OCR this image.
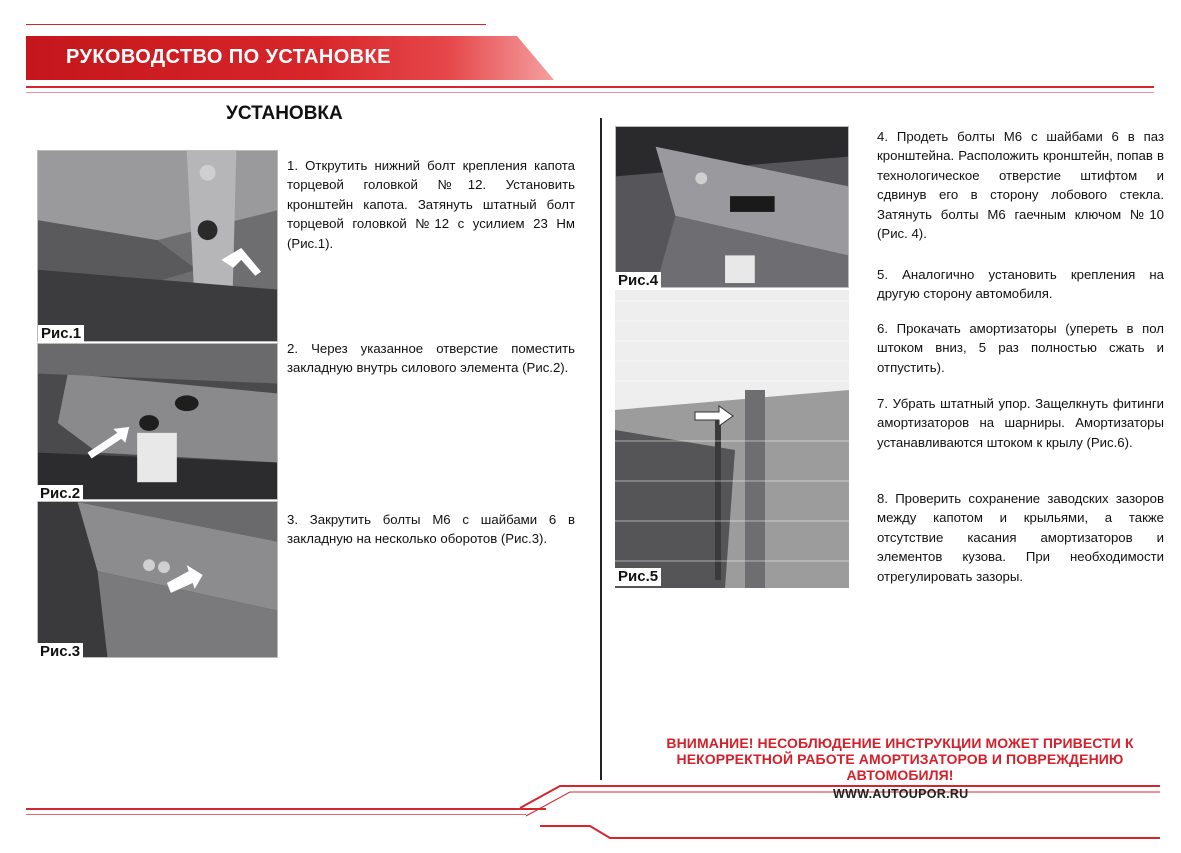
РУКОВОДСТВО ПО УСТАНОВКЕ
УСТАНОВКА
Рис.1
Рис.2
Рис.3
1. Открутить нижний болт крепления капота торцевой головкой №12. Установить кронштейн капота. Затянуть штатный болт торцевой головкой №12 с усилием 23 Нм (Рис.1).
2. Через указанное отверстие поместить закладную внутрь силового элемента (Рис.2).
3. Закрутить болты М6 с шайбами 6 в закладную на несколько оборотов (Рис.3).
Рис.4
Рис.5
4. Продеть болты М6 с шайбами 6 в паз кронштейна. Расположить кронштейн, попав в технологическое отверстие штифтом и сдвинув его в сторону лобового стекла. Затянуть болты М6 гаечным ключом №10 (Рис. 4).
5. Аналогично установить крепления на другую сторону автомобиля.
6. Прокачать амортизаторы (упереть в пол штоком вниз, 5 раз полностью сжать и отпустить).
7. Убрать штатный упор. Защелкнуть фитинги амортизаторов на шарниры. Амортизаторы устанавливаются штоком к крылу (Рис.6).
8. Проверить сохранение заводских зазоров между капотом и крыльями, а также отсутствие касания амортизаторов и элементов кузова. При необходимости отрегулировать зазоры.
ВНИМАНИЕ! НЕСОБЛЮДЕНИЕ ИНСТРУКЦИИ МОЖЕТ ПРИВЕСТИ К НЕКОРРЕКТНОЙ РАБОТЕ АМОРТИЗАТОРОВ И ПОВРЕЖДЕНИЮ АВТОМОБИЛЯ!
WWW.AUTOUPOR.RU
